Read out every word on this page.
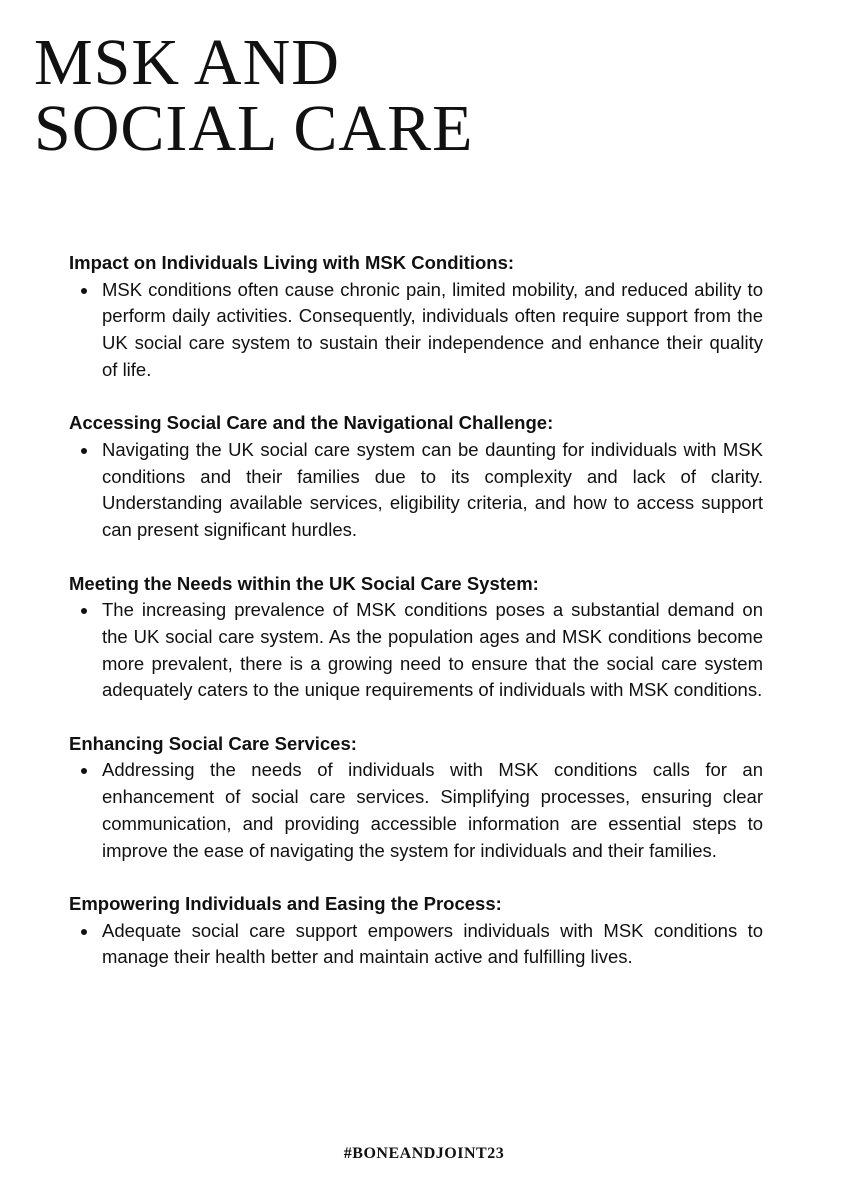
MSK AND
SOCIAL CARE
Impact on Individuals Living with MSK Conditions:
MSK conditions often cause chronic pain, limited mobility, and reduced ability to perform daily activities. Consequently, individuals often require support from the UK social care system to sustain their independence and enhance their quality of life.
Accessing Social Care and the Navigational Challenge:
Navigating the UK social care system can be daunting for individuals with MSK conditions and their families due to its complexity and lack of clarity. Understanding available services, eligibility criteria, and how to access support can present significant hurdles.
Meeting the Needs within the UK Social Care System:
The increasing prevalence of MSK conditions poses a substantial demand on the UK social care system. As the population ages and MSK conditions become more prevalent, there is a growing need to ensure that the social care system adequately caters to the unique requirements of individuals with MSK conditions.
Enhancing Social Care Services:
Addressing the needs of individuals with MSK conditions calls for an enhancement of social care services. Simplifying processes, ensuring clear communication, and providing accessible information are essential steps to improve the ease of navigating the system for individuals and their families.
Empowering Individuals and Easing the Process:
Adequate social care support empowers individuals with MSK conditions to manage their health better and maintain active and fulfilling lives.
#BONEANDJOINT23
